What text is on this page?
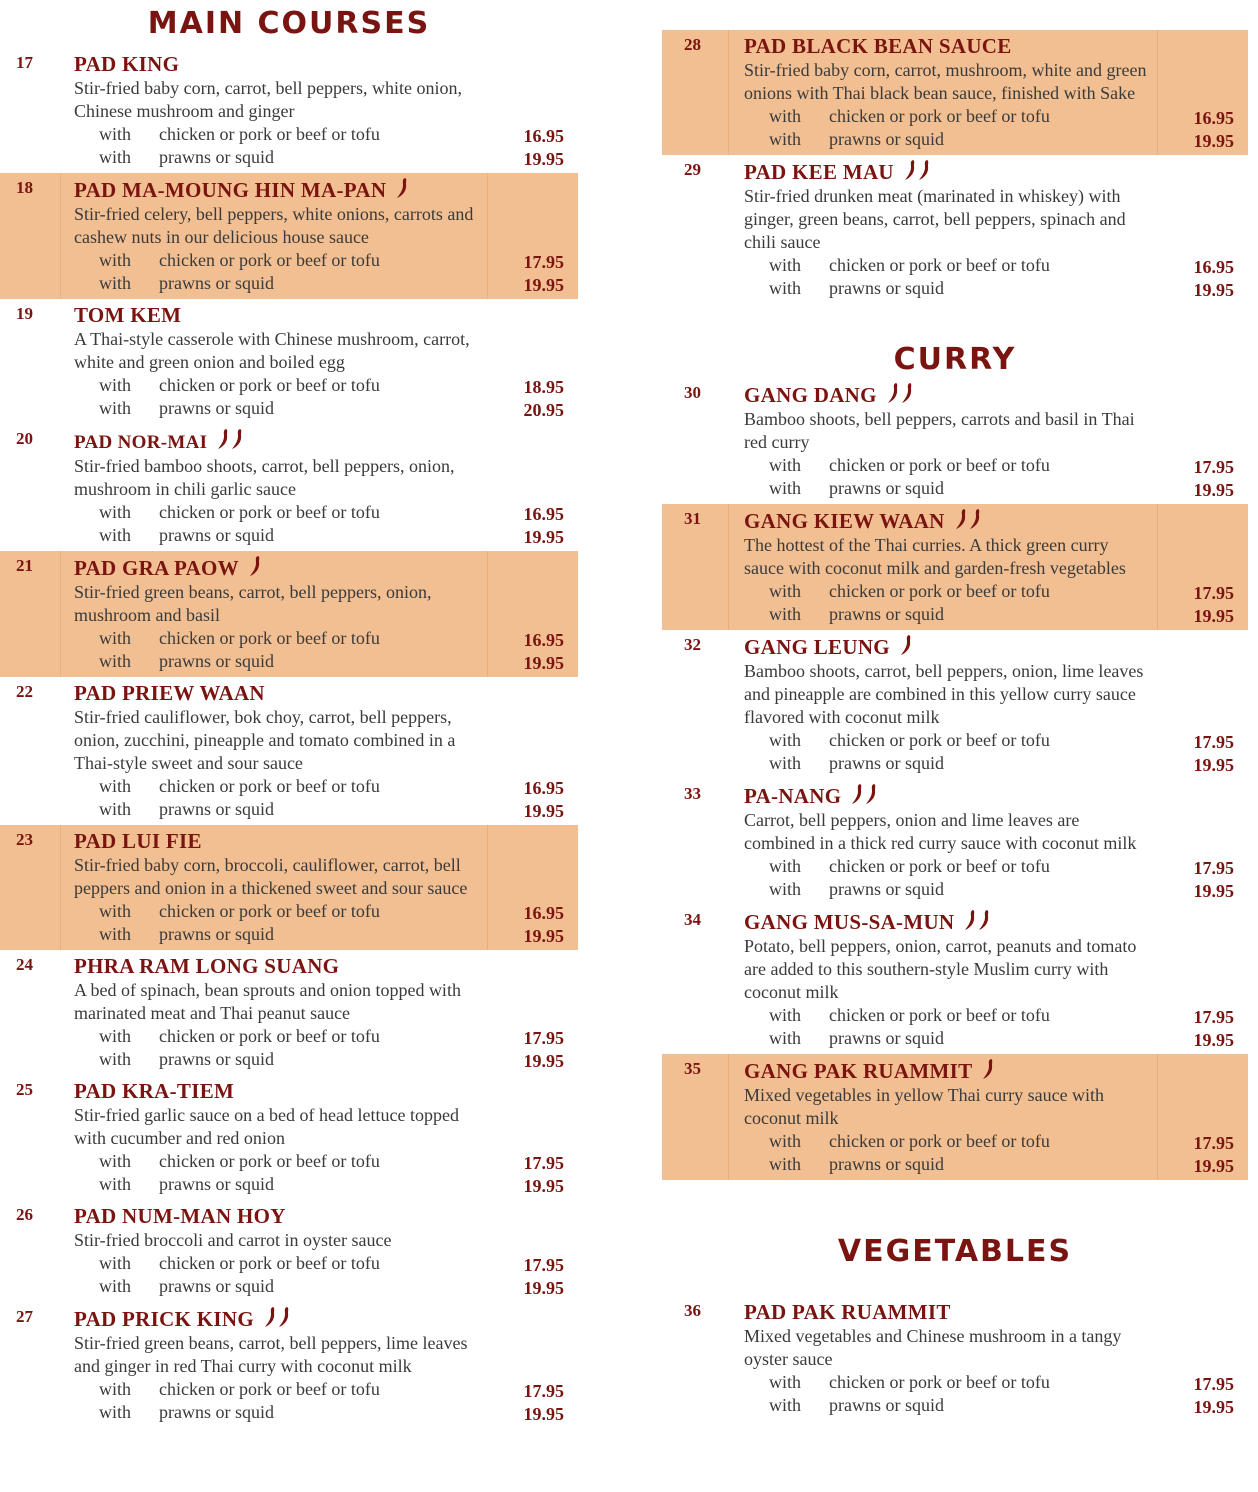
MAIN COURSES
17	PAD KING
Stir-fried baby corn, carrot, bell peppers, white onion, Chinese mushroom and ginger
with chicken or pork or beef or tofu	16.95
with prawns or squid	19.95
18	PAD MA-MOUNG HIN MA-PAN
Stir-fried celery, bell peppers, white onions, carrots and cashew nuts in our delicious house sauce
with chicken or pork or beef or tofu	17.95
with prawns or squid	19.95
19	TOM KEM
A Thai-style casserole with Chinese mushroom, carrot, white and green onion and boiled egg
with chicken or pork or beef or tofu	18.95
with prawns or squid	20.95
20	PAD NOR-MAI
Stir-fried bamboo shoots, carrot, bell peppers, onion, mushroom in chili garlic sauce
with chicken or pork or beef or tofu	16.95
with prawns or squid	19.95
21	PAD GRA PAOW
Stir-fried green beans, carrot, bell peppers, onion, mushroom and basil
with chicken or pork or beef or tofu	16.95
with prawns or squid	19.95
22	PAD PRIEW WAAN
Stir-fried cauliflower, bok choy, carrot, bell peppers, onion, zucchini, pineapple and tomato combined in a Thai-style sweet and sour sauce
with chicken or pork or beef or tofu	16.95
with prawns or squid	19.95
23	PAD LUI FIE
Stir-fried baby corn, broccoli, cauliflower, carrot, bell peppers and onion in a thickened sweet and sour sauce
with chicken or pork or beef or tofu	16.95
with prawns or squid	19.95
24	PHRA RAM LONG SUANG
A bed of spinach, bean sprouts and onion topped with marinated meat and Thai peanut sauce
with chicken or pork or beef or tofu	17.95
with prawns or squid	19.95
25	PAD KRA-TIEM
Stir-fried garlic sauce on a bed of head lettuce topped with cucumber and red onion
with chicken or pork or beef or tofu	17.95
with prawns or squid	19.95
26	PAD NUM-MAN HOY
Stir-fried broccoli and carrot in oyster sauce
with chicken or pork or beef or tofu	17.95
with prawns or squid	19.95
27	PAD PRICK KING
Stir-fried green beans, carrot, bell peppers, lime leaves and ginger in red Thai curry with coconut milk
with chicken or pork or beef or tofu	17.95
with prawns or squid	19.95
28	PAD BLACK BEAN SAUCE
Stir-fried baby corn, carrot, mushroom, white and green onions with Thai black bean sauce, finished with Sake
with chicken or pork or beef or tofu	16.95
with prawns or squid	19.95
29	PAD KEE MAU
Stir-fried drunken meat (marinated in whiskey) with ginger, green beans, carrot, bell peppers, spinach and chili sauce
with chicken or pork or beef or tofu	16.95
with prawns or squid	19.95
CURRY
30	GANG DANG
Bamboo shoots, bell peppers, carrots and basil in Thai red curry
with chicken or pork or beef or tofu	17.95
with prawns or squid	19.95
31	GANG KIEW WAAN
The hottest of the Thai curries. A thick green curry sauce with coconut milk and garden-fresh vegetables
with chicken or pork or beef or tofu	17.95
with prawns or squid	19.95
32	GANG LEUNG
Bamboo shoots, carrot, bell peppers, onion, lime leaves and pineapple are combined in this yellow curry sauce flavored with coconut milk
with chicken or pork or beef or tofu	17.95
with prawns or squid	19.95
33	PA-NANG
Carrot, bell peppers, onion and lime leaves are combined in a thick red curry sauce with coconut milk
with chicken or pork or beef or tofu	17.95
with prawns or squid	19.95
34	GANG MUS-SA-MUN
Potato, bell peppers, onion, carrot, peanuts and tomato are added to this southern-style Muslim curry with coconut milk
with chicken or pork or beef or tofu	17.95
with prawns or squid	19.95
35	GANG PAK RUAMMIT
Mixed vegetables in yellow Thai curry sauce with coconut milk
with chicken or pork or beef or tofu	17.95
with prawns or squid	19.95
VEGETABLES
36	PAD PAK RUAMMIT
Mixed vegetables and Chinese mushroom in a tangy oyster sauce
with chicken or pork or beef or tofu	17.95
with prawns or squid	19.95
